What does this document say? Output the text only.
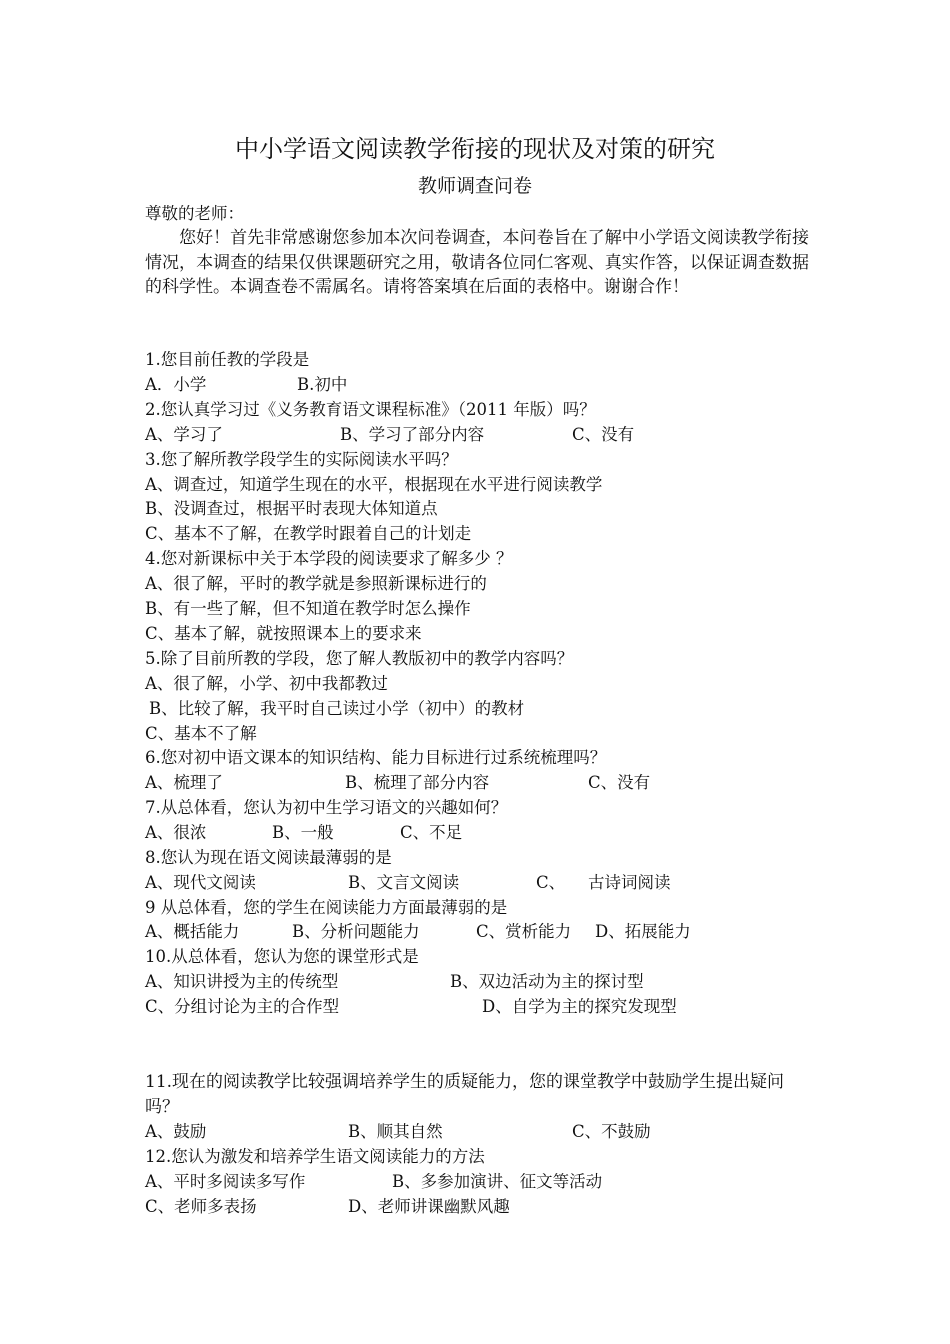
中小学语文阅读教学衔接的现状及对策的研究
教师调查问卷
尊敬的老师：

您好！首先非常感谢您参加本次问卷调查，本问卷旨在了解中小学语文阅读教学衔接情况，本调查的结果仅供课题研究之用，敬请各位同仁客观、真实作答，以保证调查数据的科学性。本调查卷不需属名。请将答案填在后面的表格中。谢谢合作！

1.您目前任教的学段是
A．小学	B.初中
2.您认真学习过《义务教育语文课程标准》（2011 年版）吗？
A、学习了	B、学习了部分内容	C、没有
3.您了解所教学段学生的实际阅读水平吗？
A、调查过，知道学生现在的水平，根据现在水平进行阅读教学
B、没调查过，根据平时表现大体知道点
C、基本不了解，在教学时跟着自己的计划走
4.您对新课标中关于本学段的阅读要求了解多少 ？
A、很了解，平时的教学就是参照新课标进行的
B、有一些了解，但不知道在教学时怎么操作
C、基本了解，就按照课本上的要求来
5.除了目前所教的学段，您了解人教版初中的教学内容吗？
A、很了解，小学、初中我都教过
B、比较了解，我平时自己读过小学（初中）的教材
C、基本不了解
6.您对初中语文课本的知识结构、能力目标进行过系统梳理吗？
A、梳理了	B、梳理了部分内容	C、没有
7.从总体看，您认为初中生学习语文的兴趣如何？
A、很浓	B、一般	C、不足
8.您认为现在语文阅读最薄弱的是
A、现代文阅读	B、文言文阅读	C、 古诗词阅读
9 从总体看，您的学生在阅读能力方面最薄弱的是
A、概括能力	B、分析问题能力	C、赏析能力 D、拓展能力
10.从总体看，您认为您的课堂形式是
A、知识讲授为主的传统型	B、双边活动为主的探讨型
C、分组讨论为主的合作型	D、自学为主的探究发现型
11.现在的阅读教学比较强调培养学生的质疑能力，您的课堂教学中鼓励学生提出疑问吗？
A、鼓励	B、顺其自然	C、不鼓励
12.您认为激发和培养学生语文阅读能力的方法
A、平时多阅读多写作	B、多参加演讲、征文等活动
C、老师多表扬	D、老师讲课幽默风趣
